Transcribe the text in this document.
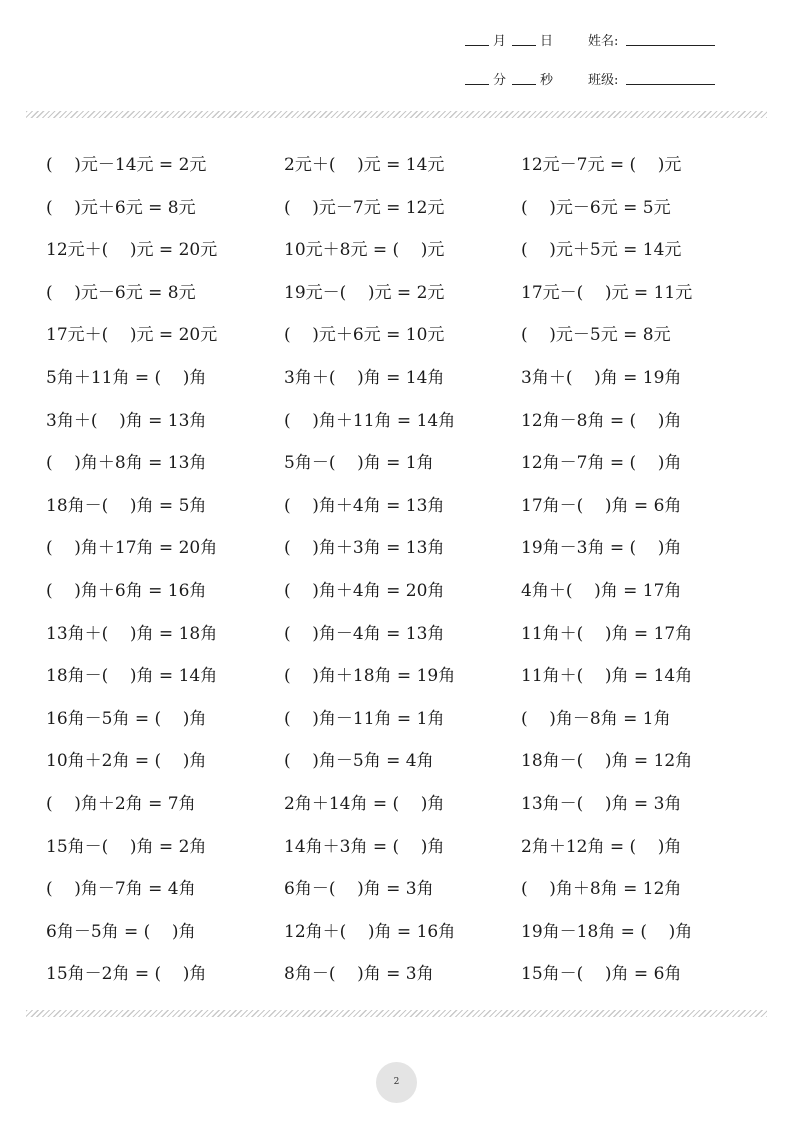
月	日	姓名:
分	秒	班级:
(    )元－14元 = 2元	2元＋(    )元 = 14元	12元－7元 = (    )元
(    )元＋6元 = 8元	(    )元－7元 = 12元	(    )元－6元 = 5元
12元＋(    )元 = 20元	10元＋8元 = (    )元	(    )元＋5元 = 14元
(    )元－6元 = 8元	19元－(    )元 = 2元	17元－(    )元 = 11元
17元＋(    )元 = 20元	(    )元＋6元 = 10元	(    )元－5元 = 8元
5角＋11角 = (    )角	3角＋(    )角 = 14角	3角＋(    )角 = 19角
3角＋(    )角 = 13角	(    )角＋11角 = 14角	12角－8角 = (    )角
(    )角＋8角 = 13角	5角－(    )角 = 1角	12角－7角 = (    )角
18角－(    )角 = 5角	(    )角＋4角 = 13角	17角－(    )角 = 6角
(    )角＋17角 = 20角	(    )角＋3角 = 13角	19角－3角 = (    )角
(    )角＋6角 = 16角	(    )角＋4角 = 20角	4角＋(    )角 = 17角
13角＋(    )角 = 18角	(    )角－4角 = 13角	11角＋(    )角 = 17角
18角－(    )角 = 14角	(    )角＋18角 = 19角	11角＋(    )角 = 14角
16角－5角 = (    )角	(    )角－11角 = 1角	(    )角－8角 = 1角
10角＋2角 = (    )角	(    )角－5角 = 4角	18角－(    )角 = 12角
(    )角＋2角 = 7角	2角＋14角 = (    )角	13角－(    )角 = 3角
15角－(    )角 = 2角	14角＋3角 = (    )角	2角＋12角 = (    )角
(    )角－7角 = 4角	6角－(    )角 = 3角	(    )角＋8角 = 12角
6角－5角 = (    )角	12角＋(    )角 = 16角	19角－18角 = (    )角
15角－2角 = (    )角	8角－(    )角 = 3角	15角－(    )角 = 6角
2
